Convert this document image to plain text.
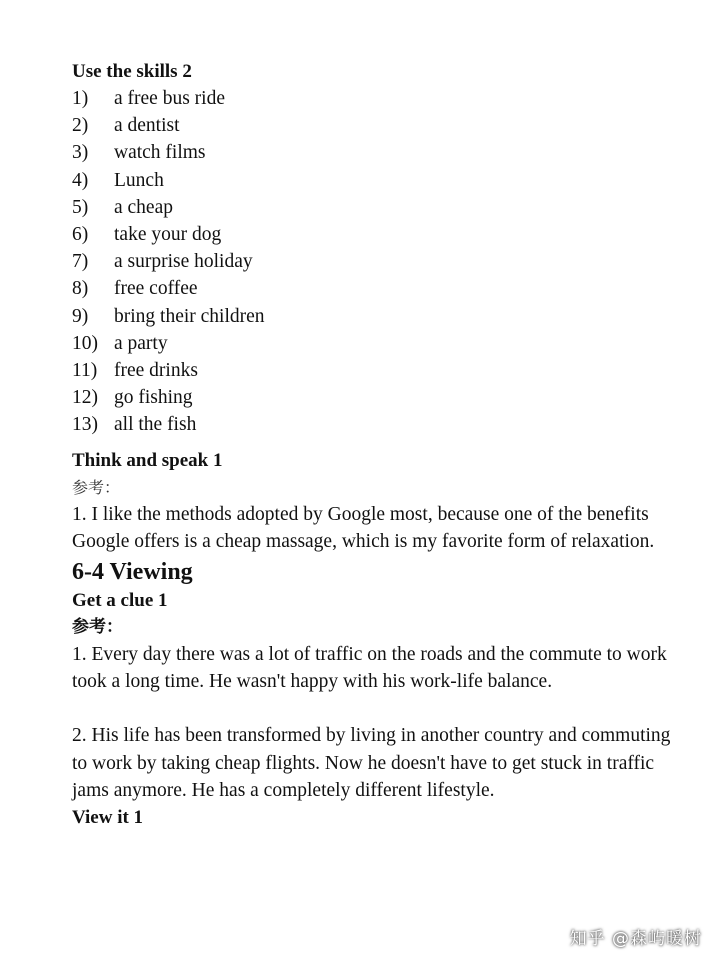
Use the skills 2

1)	a free bus ride
2)	a dentist
3)	watch films
4)	Lunch
5)	a cheap
6)	take your dog
7)	a surprise holiday
8)	free coffee
9)	bring their children
10) a party
11) free drinks
12) go fishing
13) all the fish

Think and speak 1

参考：

1. I like the methods adopted by Google most, because one of the benefits Google offers is a cheap massage, which is my favorite form of relaxation.

6-4 Viewing

Get a clue 1

参考：

1. Every day there was a lot of traffic on the roads and the commute to work took a long time. He wasn't happy with his work-life balance.

2. His life has been transformed by living in another country and commuting to work by taking cheap flights. Now he doesn't have to get stuck in traffic jams anymore. He has a completely different lifestyle.

View it 1

知乎 @森屿暖树
